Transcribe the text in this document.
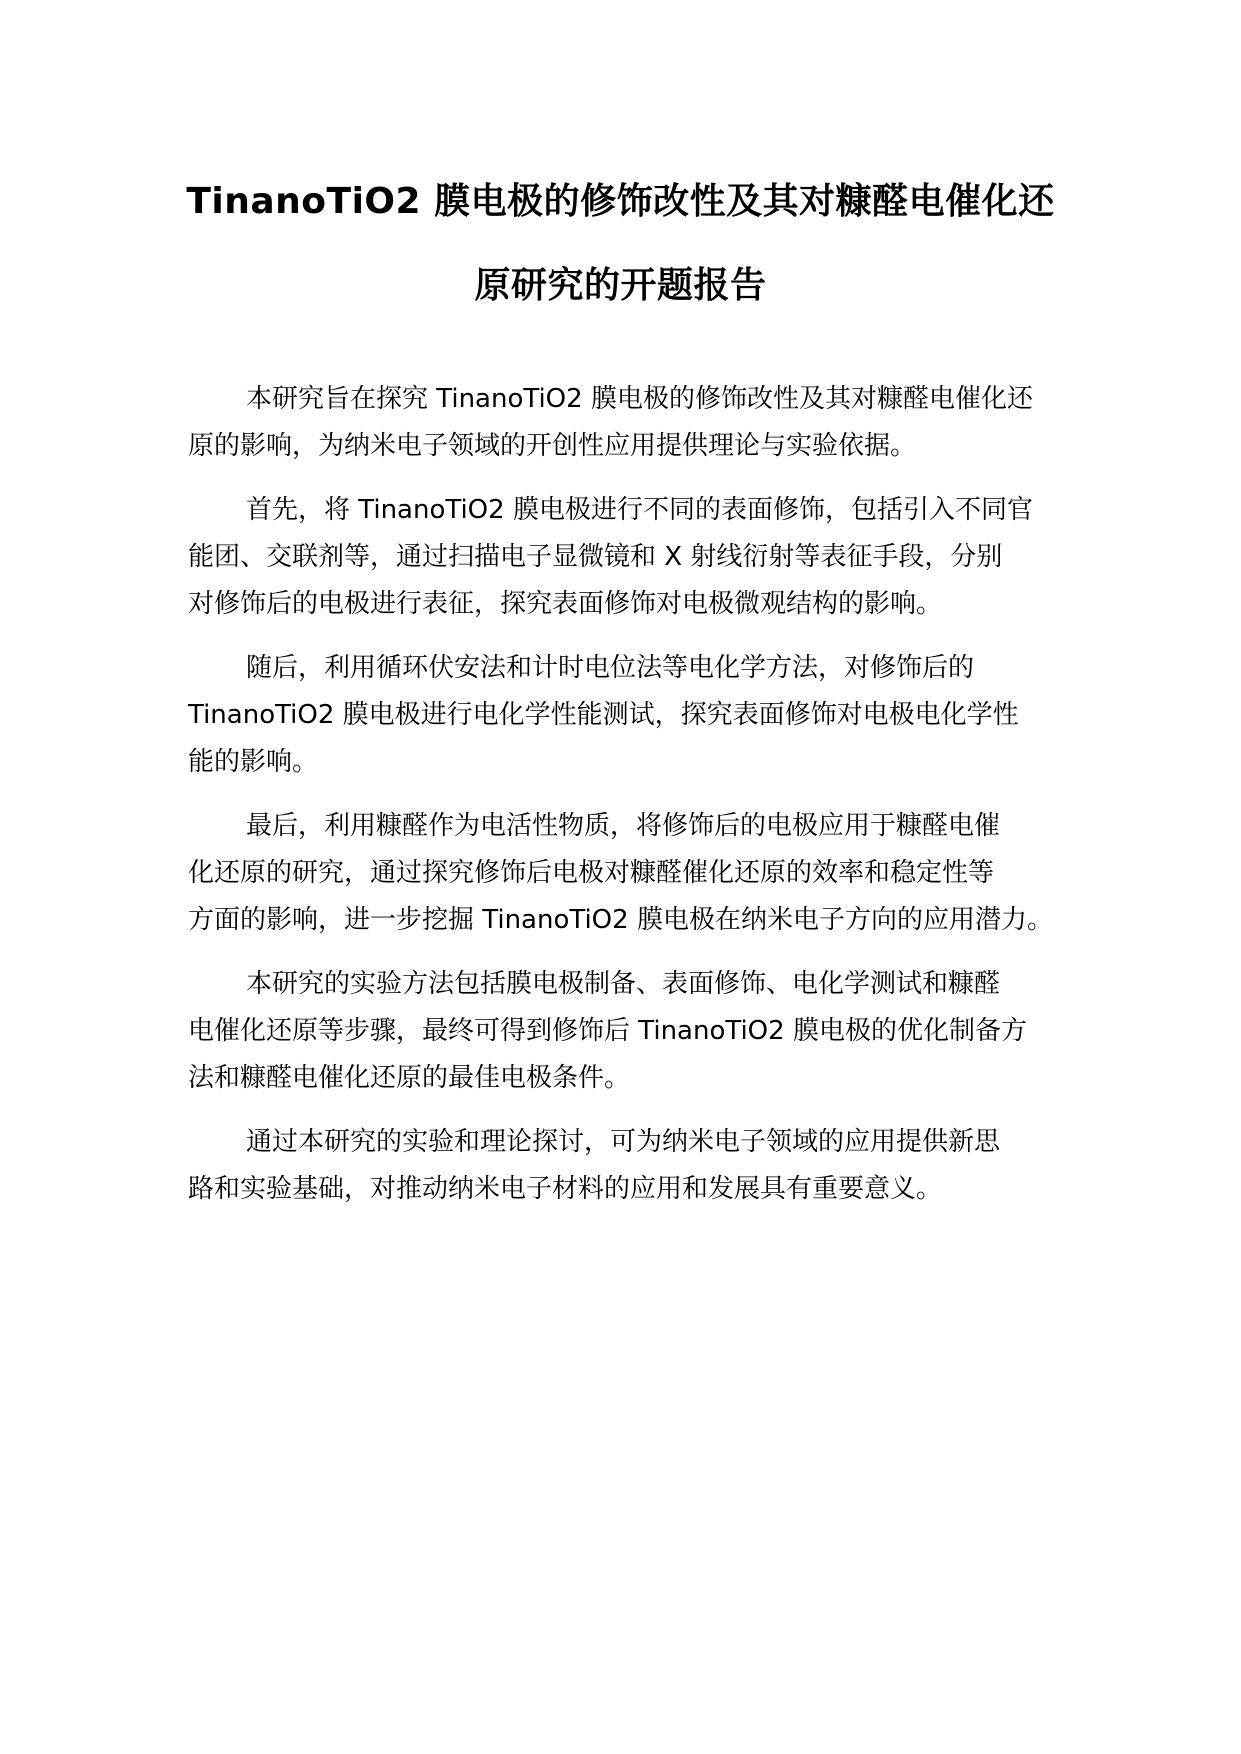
TinanoTiO2 膜电极的修饰改性及其对糠醛电催化还
原研究的开题报告

本研究旨在探究 TinanoTiO2 膜电极的修饰改性及其对糠醛电催化还
原的影响，为纳米电子领域的开创性应用提供理论与实验依据。

首先，将 TinanoTiO2 膜电极进行不同的表面修饰，包括引入不同官
能团、交联剂等，通过扫描电子显微镜和 X 射线衍射等表征手段，分别
对修饰后的电极进行表征，探究表面修饰对电极微观结构的影响。

随后，利用循环伏安法和计时电位法等电化学方法，对修饰后的
TinanoTiO2 膜电极进行电化学性能测试，探究表面修饰对电极电化学性
能的影响。

最后，利用糠醛作为电活性物质，将修饰后的电极应用于糠醛电催
化还原的研究，通过探究修饰后电极对糠醛催化还原的效率和稳定性等
方面的影响，进一步挖掘 TinanoTiO2 膜电极在纳米电子方向的应用潜力。

本研究的实验方法包括膜电极制备、表面修饰、电化学测试和糠醛
电催化还原等步骤，最终可得到修饰后 TinanoTiO2 膜电极的优化制备方
法和糠醛电催化还原的最佳电极条件。

通过本研究的实验和理论探讨，可为纳米电子领域的应用提供新思
路和实验基础，对推动纳米电子材料的应用和发展具有重要意义。
